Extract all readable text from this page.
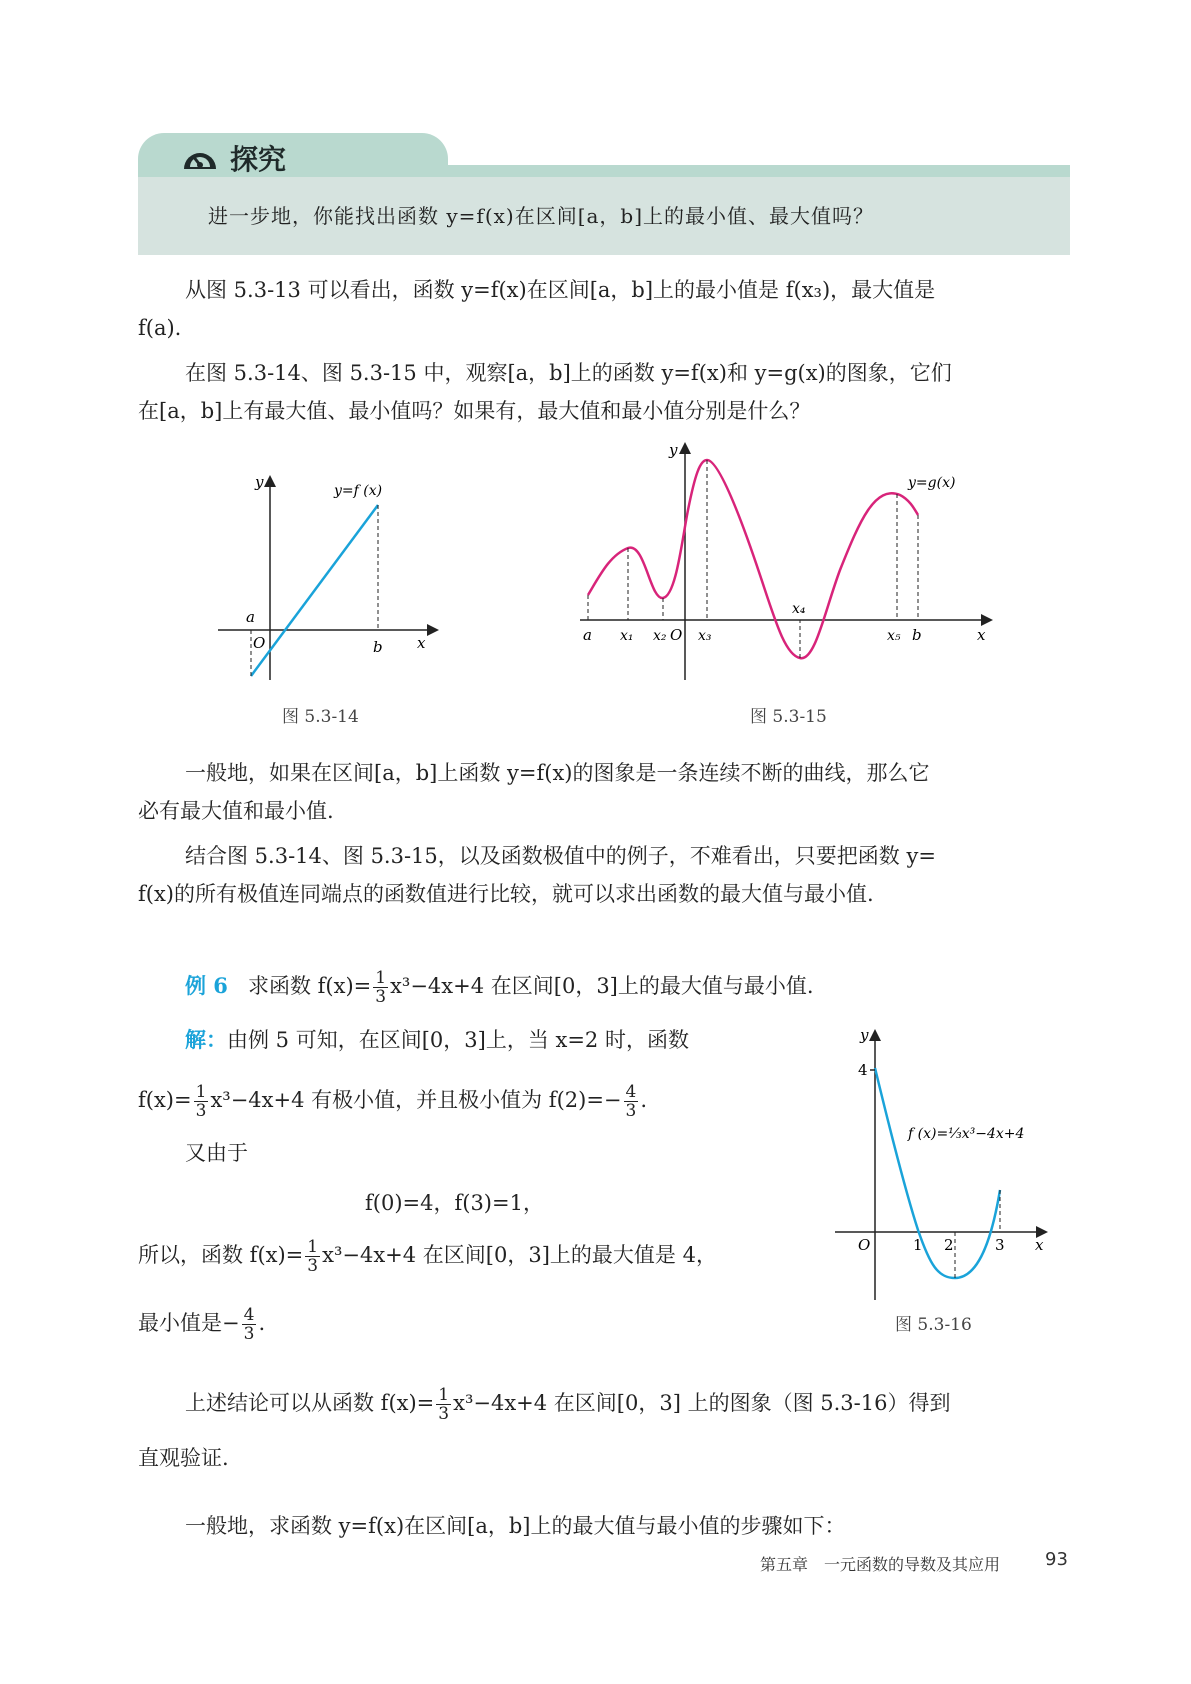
探究
进一步地，你能找出函数 y=f(x)在区间[a，b]上的最小值、最大值吗？
从图 5.3-13 可以看出，函数 y=f(x)在区间[a，b]上的最小值是 f(x₃)，最大值是
f(a).
在图 5.3-14、图 5.3-15 中，观察[a，b]上的函数 y=f(x)和 y=g(x)的图象，它们
在[a，b]上有最大值、最小值吗？如果有，最大值和最小值分别是什么？
y
x
O
a
b
y=f (x)
图 5.3-14
y
x
O
a x₁ x₂ x₃
x₄
x₅ b
y=g(x)
图 5.3-15
一般地，如果在区间[a，b]上函数 y=f(x)的图象是一条连续不断的曲线，那么它
必有最大值和最小值.
结合图 5.3-14、图 5.3-15，以及函数极值中的例子，不难看出，只要把函数 y=
f(x)的所有极值连同端点的函数值进行比较，就可以求出函数的最大值与最小值.
例 6 求函数 $f(x)= \frac{1}{3} x^3-4x+4$ 在区间[0，3]上的最大值与最小值.
解：由例 5 可知，在区间[0，3]上，当 x=2 时，函数
$f(x)= \frac{1}{3} x^3-4x+4$ 有极小值，并且极小值为 $f(2)=- \frac{4}{3}$ .
又由于
f(0)=4，f(3)=1，
所以，函数 $f(x)= \frac{1}{3} x^3-4x+4$ 在区间[0，3]上的最大值是 4，
最小值是− $\frac{4}{3}$ .
y
x
O
4
1 2	3
f (x)=⅓x³−4x+4
图 5.3-16
上述结论可以从函数 $f(x)= \frac{1}{3} x^3-4x+4$ 在区间[0，3] 上的图象（图 5.3-16）得到
直观验证.
一般地，求函数 y=f(x)在区间[a，b]上的最大值与最小值的步骤如下：
第五章　一元函数的导数及其应用 93
